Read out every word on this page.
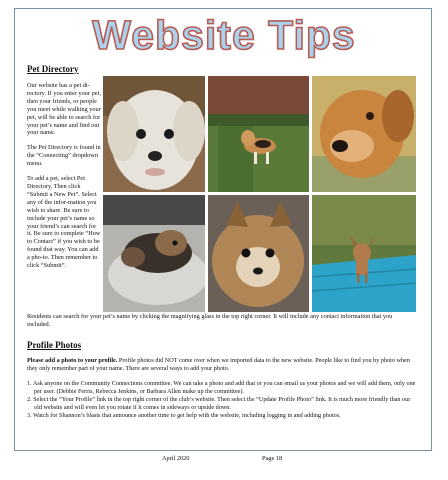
Website Tips
Pet Directory

Our website has a pet di-rectory. If you enter your pet, then your friends, or people you meet while walking your pet, will be able to search for your pet’s name and find out your name.

The Pet Directory is found in the “Connecting” dropdown menu.

To add a pet, select Pet Directory. Then click “Submit a New Pet”. Select any of the infor-mation you wish to share. Be sure to include your pet’s name so your friend’s can search for it. Be sure to complete “How to Contact” if you wish to be found that way. You can add a pho-to. Then remember to click “Submit”.

Residents can search for your pet’s name by clicking the magnifying glass in the top right corner. It will include any contact information that you included.
Profile Photos

Please add a photo to your profile. Profile photos did NOT come over when we imported data to the new website. People like to find you by photo when they only remember part of your name. There are several ways to add your photo.

1. Ask anyone on the Community Connections committee. We can take a photo and add that or you can email us your photos and we will add them, only one per user. (Debbie Ferris, Rebecca Jenkins, or Barbara Allen make up the committee).
2. Select the “Your Profile” link in the top right corner of the club’s website. Then select the “Update Profile Photo” link. It is much more friendly than our old website and will even let you rotate if it comes in sideways or upside down.
3. Watch for Shannon’s blasts that announce another time to get help with the website, including logging in and adding photos.
April 2020	Page 18
